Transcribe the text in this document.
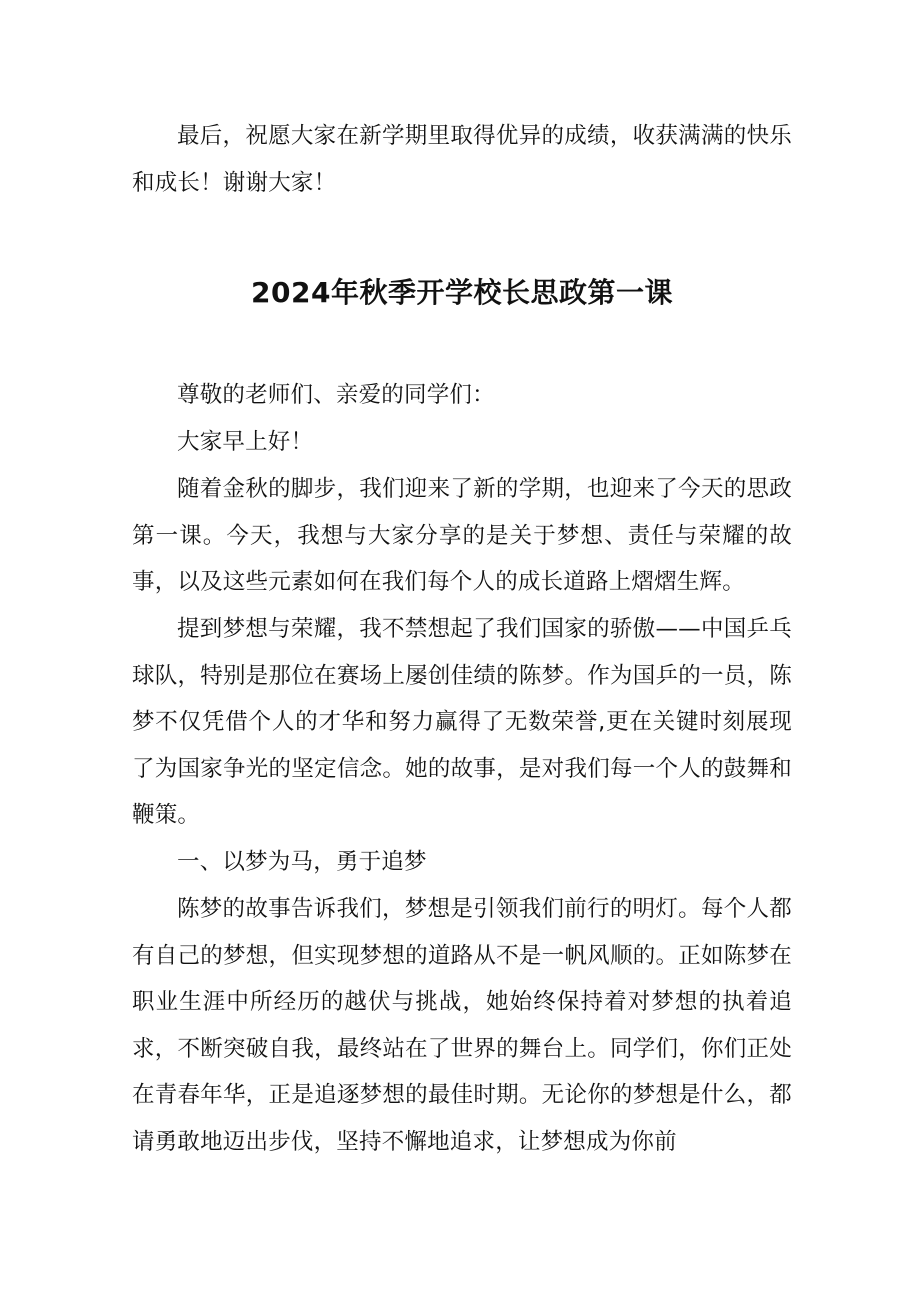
最后，祝愿大家在新学期里取得优异的成绩，收获满满的快乐和成长！谢谢大家！

2024年秋季开学校长思政第一课

尊敬的老师们、亲爱的同学们：

大家早上好！

随着金秋的脚步，我们迎来了新的学期，也迎来了今天的思政第一课。今天，我想与大家分享的是关于梦想、责任与荣耀的故事，以及这些元素如何在我们每个人的成长道路上熠熠生辉。

提到梦想与荣耀，我不禁想起了我们国家的骄傲——中国乒乓球队，特别是那位在赛场上屡创佳绩的陈梦。作为国乒的一员，陈梦不仅凭借个人的才华和努力赢得了无数荣誉,更在关键时刻展现了为国家争光的坚定信念。她的故事，是对我们每一个人的鼓舞和鞭策。

一、以梦为马，勇于追梦

陈梦的故事告诉我们，梦想是引领我们前行的明灯。每个人都有自己的梦想，但实现梦想的道路从不是一帆风顺的。正如陈梦在职业生涯中所经历的越伏与挑战，她始终保持着对梦想的执着追求，不断突破自我，最终站在了世界的舞台上。同学们，你们正处在青春年华，正是追逐梦想的最佳时期。无论你的梦想是什么，都请勇敢地迈出步伐，坚持不懈地追求，让梦想成为你前
